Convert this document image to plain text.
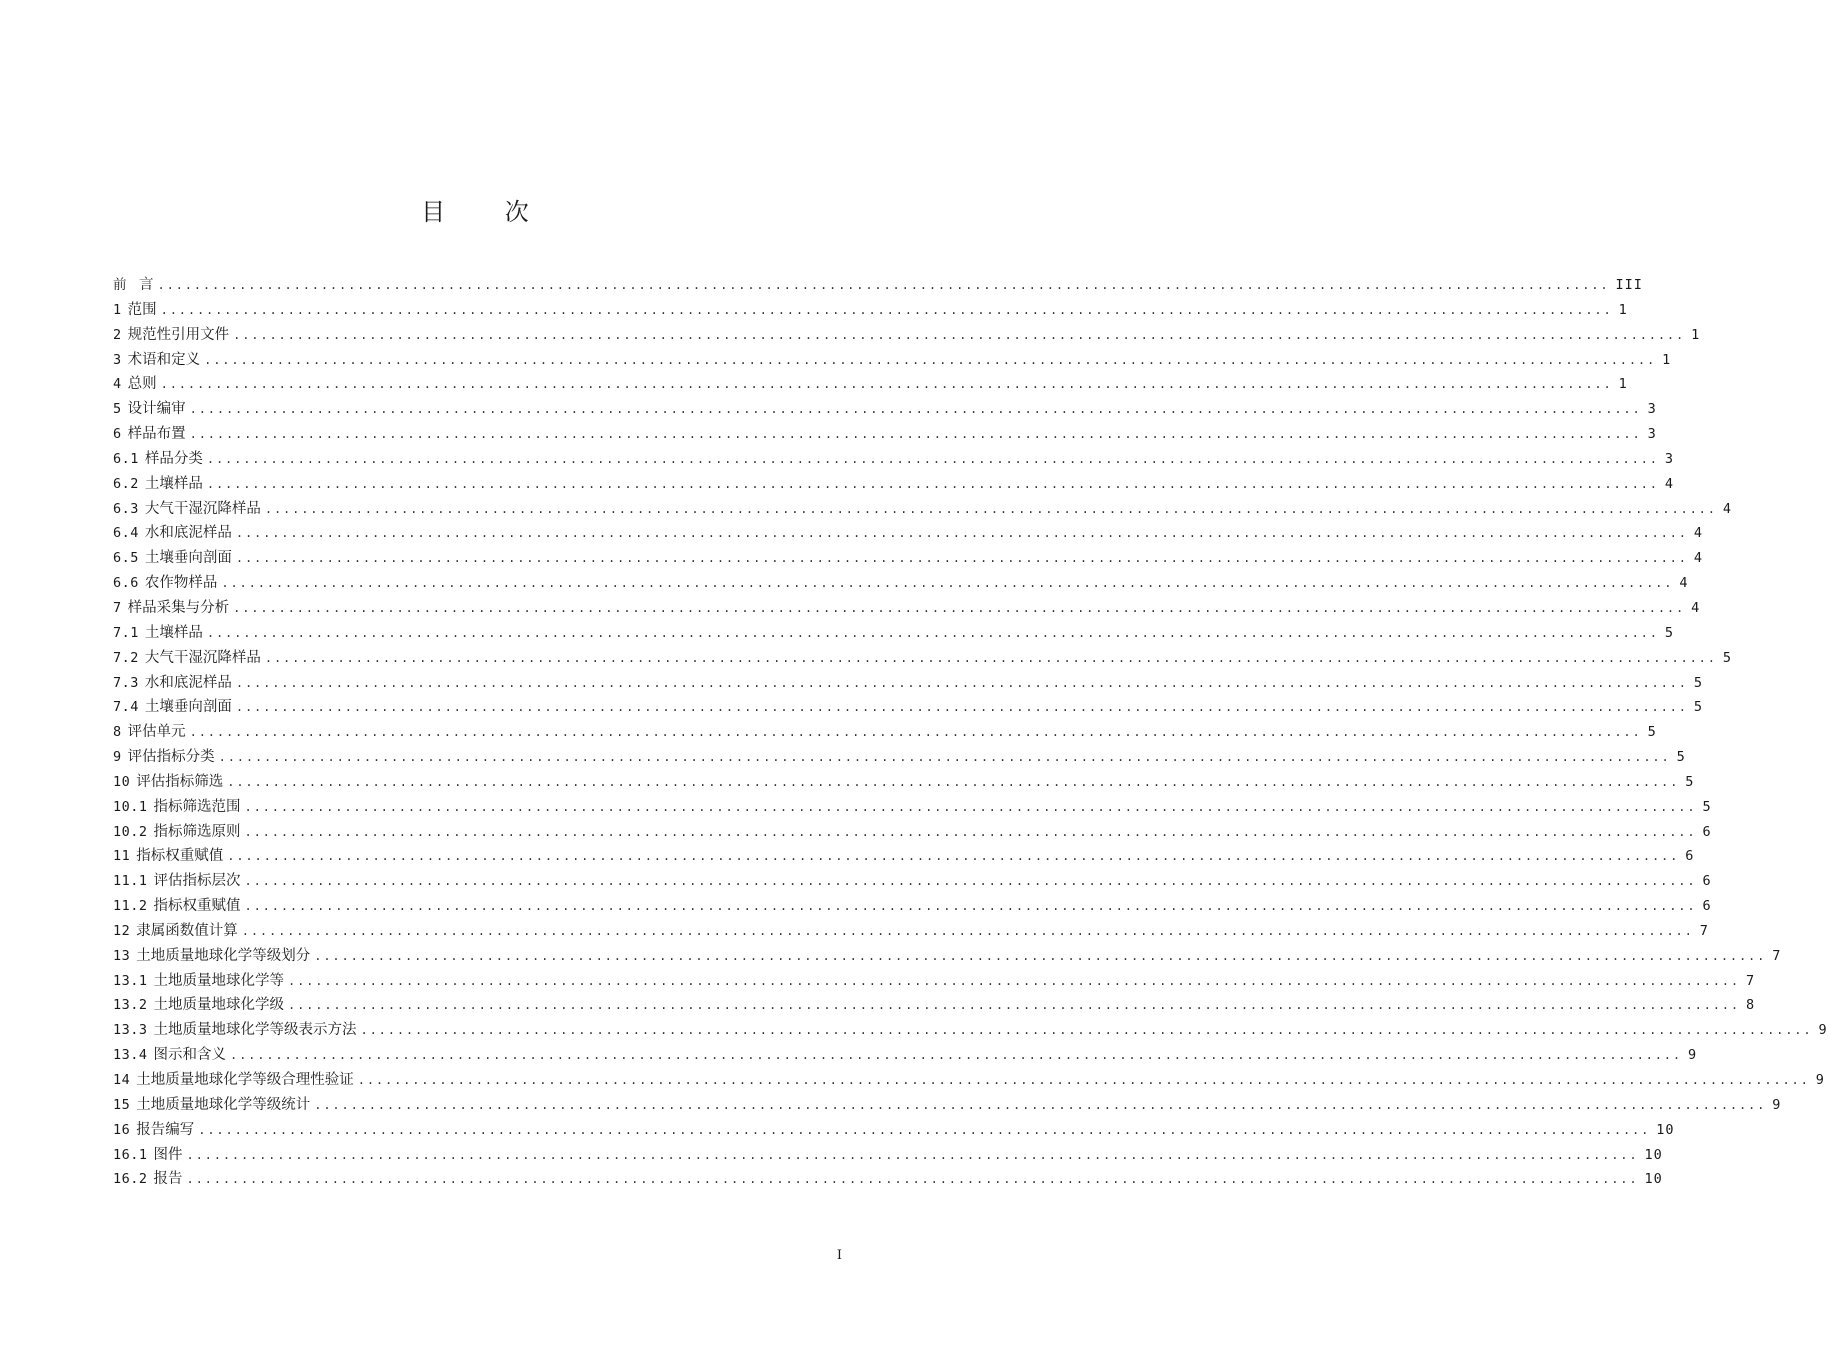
目 次
前 言 ................................................................................................................................................................ III
1 范围 ................................................................................................................................................................ 1
2 规范性引用文件 ................................................................................................................................................................ 1
3 术语和定义 ................................................................................................................................................................ 1
4 总则 ................................................................................................................................................................ 1
5 设计编审 ................................................................................................................................................................ 3
6 样品布置 ................................................................................................................................................................ 3
6.1 样品分类 ................................................................................................................................................................ 3
6.2 土壤样品 ................................................................................................................................................................ 4
6.3 大气干湿沉降样品 ................................................................................................................................................................ 4
6.4 水和底泥样品 ................................................................................................................................................................ 4
6.5 土壤垂向剖面 ................................................................................................................................................................ 4
6.6 农作物样品 ................................................................................................................................................................ 4
7 样品采集与分析 ................................................................................................................................................................ 4
7.1 土壤样品 ................................................................................................................................................................ 5
7.2 大气干湿沉降样品 ................................................................................................................................................................ 5
7.3 水和底泥样品 ................................................................................................................................................................ 5
7.4 土壤垂向剖面 ................................................................................................................................................................ 5
8 评估单元 ................................................................................................................................................................ 5
9 评估指标分类 ................................................................................................................................................................ 5
10 评估指标筛选 ................................................................................................................................................................ 5
10.1 指标筛选范围 ................................................................................................................................................................ 5
10.2 指标筛选原则 ................................................................................................................................................................ 6
11 指标权重赋值 ................................................................................................................................................................ 6
11.1 评估指标层次 ................................................................................................................................................................ 6
11.2 指标权重赋值 ................................................................................................................................................................ 6
12 隶属函数值计算 ................................................................................................................................................................ 7
13 土地质量地球化学等级划分 ................................................................................................................................................................ 7
13.1 土地质量地球化学等 ................................................................................................................................................................ 7
13.2 土地质量地球化学级 ................................................................................................................................................................ 8
13.3 土地质量地球化学等级表示方法 ................................................................................................................................................................ 9
13.4 图示和含义 ................................................................................................................................................................ 9
14 土地质量地球化学等级合理性验证 ................................................................................................................................................................ 9
15 土地质量地球化学等级统计 ................................................................................................................................................................ 9
16 报告编写 ................................................................................................................................................................ 10
16.1 图件 ................................................................................................................................................................ 10
16.2 报告 ................................................................................................................................................................ 10
I
